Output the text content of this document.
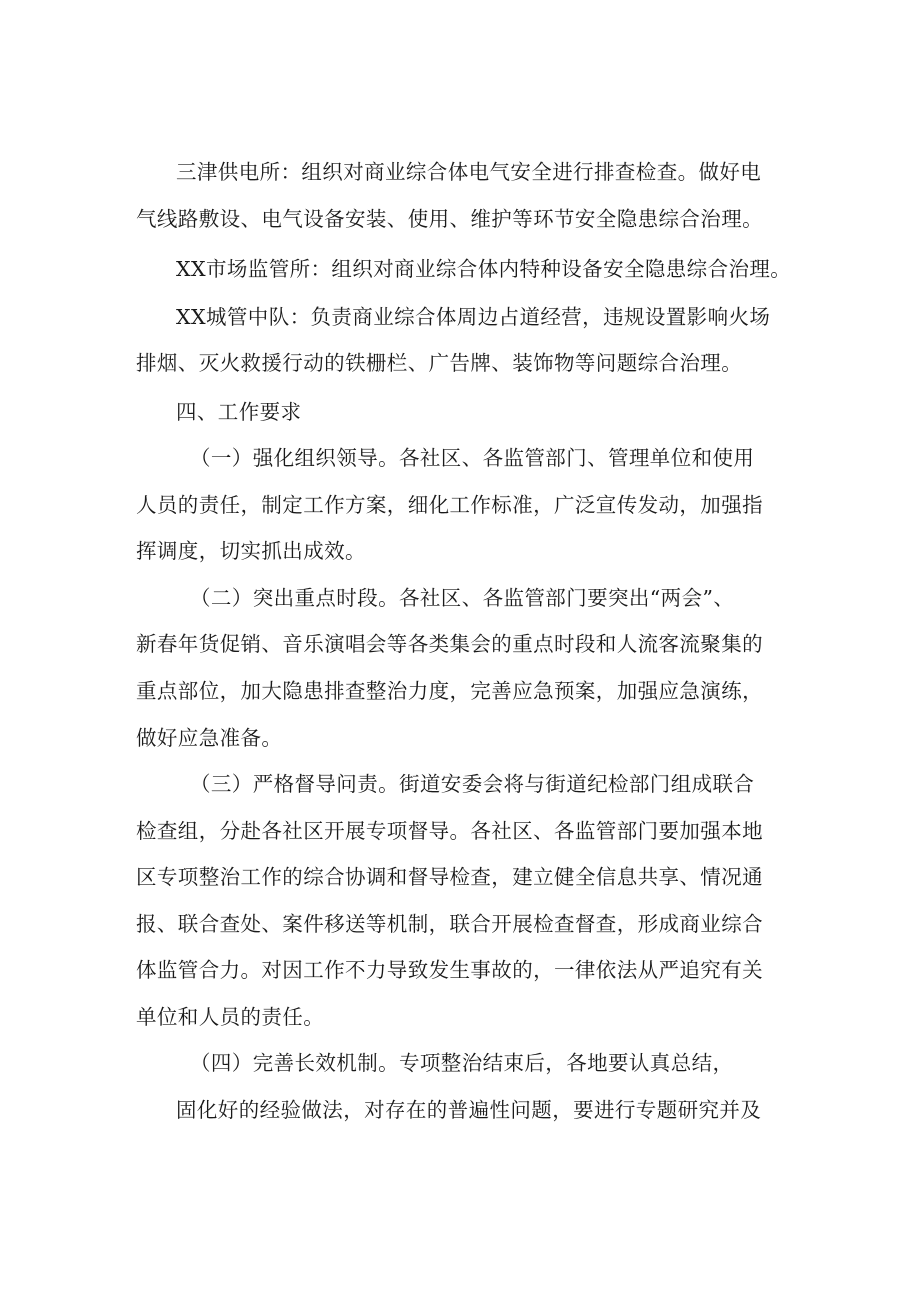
三津供电所：组织对商业综合体电气安全进行排查检查。做好电
气线路敷设、电气设备安装、使用、维护等环节安全隐患综合治理。
XX市场监管所：组织对商业综合体内特种设备安全隐患综合治理。
XX城管中队：负责商业综合体周边占道经营，违规设置影响火场
排烟、灭火救援行动的铁栅栏、广告牌、装饰物等问题综合治理。
四、工作要求
（一）强化组织领导。各社区、各监管部门、管理单位和使用
人员的责任，制定工作方案，细化工作标准，广泛宣传发动，加强指
挥调度，切实抓出成效。
（二）突出重点时段。各社区、各监管部门要突出“两会”、
新春年货促销、音乐演唱会等各类集会的重点时段和人流客流聚集的
重点部位，加大隐患排查整治力度，完善应急预案，加强应急演练，
做好应急准备。
（三）严格督导问责。街道安委会将与街道纪检部门组成联合
检查组，分赴各社区开展专项督导。各社区、各监管部门要加强本地
区专项整治工作的综合协调和督导检查，建立健全信息共享、情况通
报、联合查处、案件移送等机制，联合开展检查督查，形成商业综合
体监管合力。对因工作不力导致发生事故的，一律依法从严追究有关
单位和人员的责任。
（四）完善长效机制。专项整治结束后，各地要认真总结，
固化好的经验做法，对存在的普遍性问题，要进行专题研究并及
